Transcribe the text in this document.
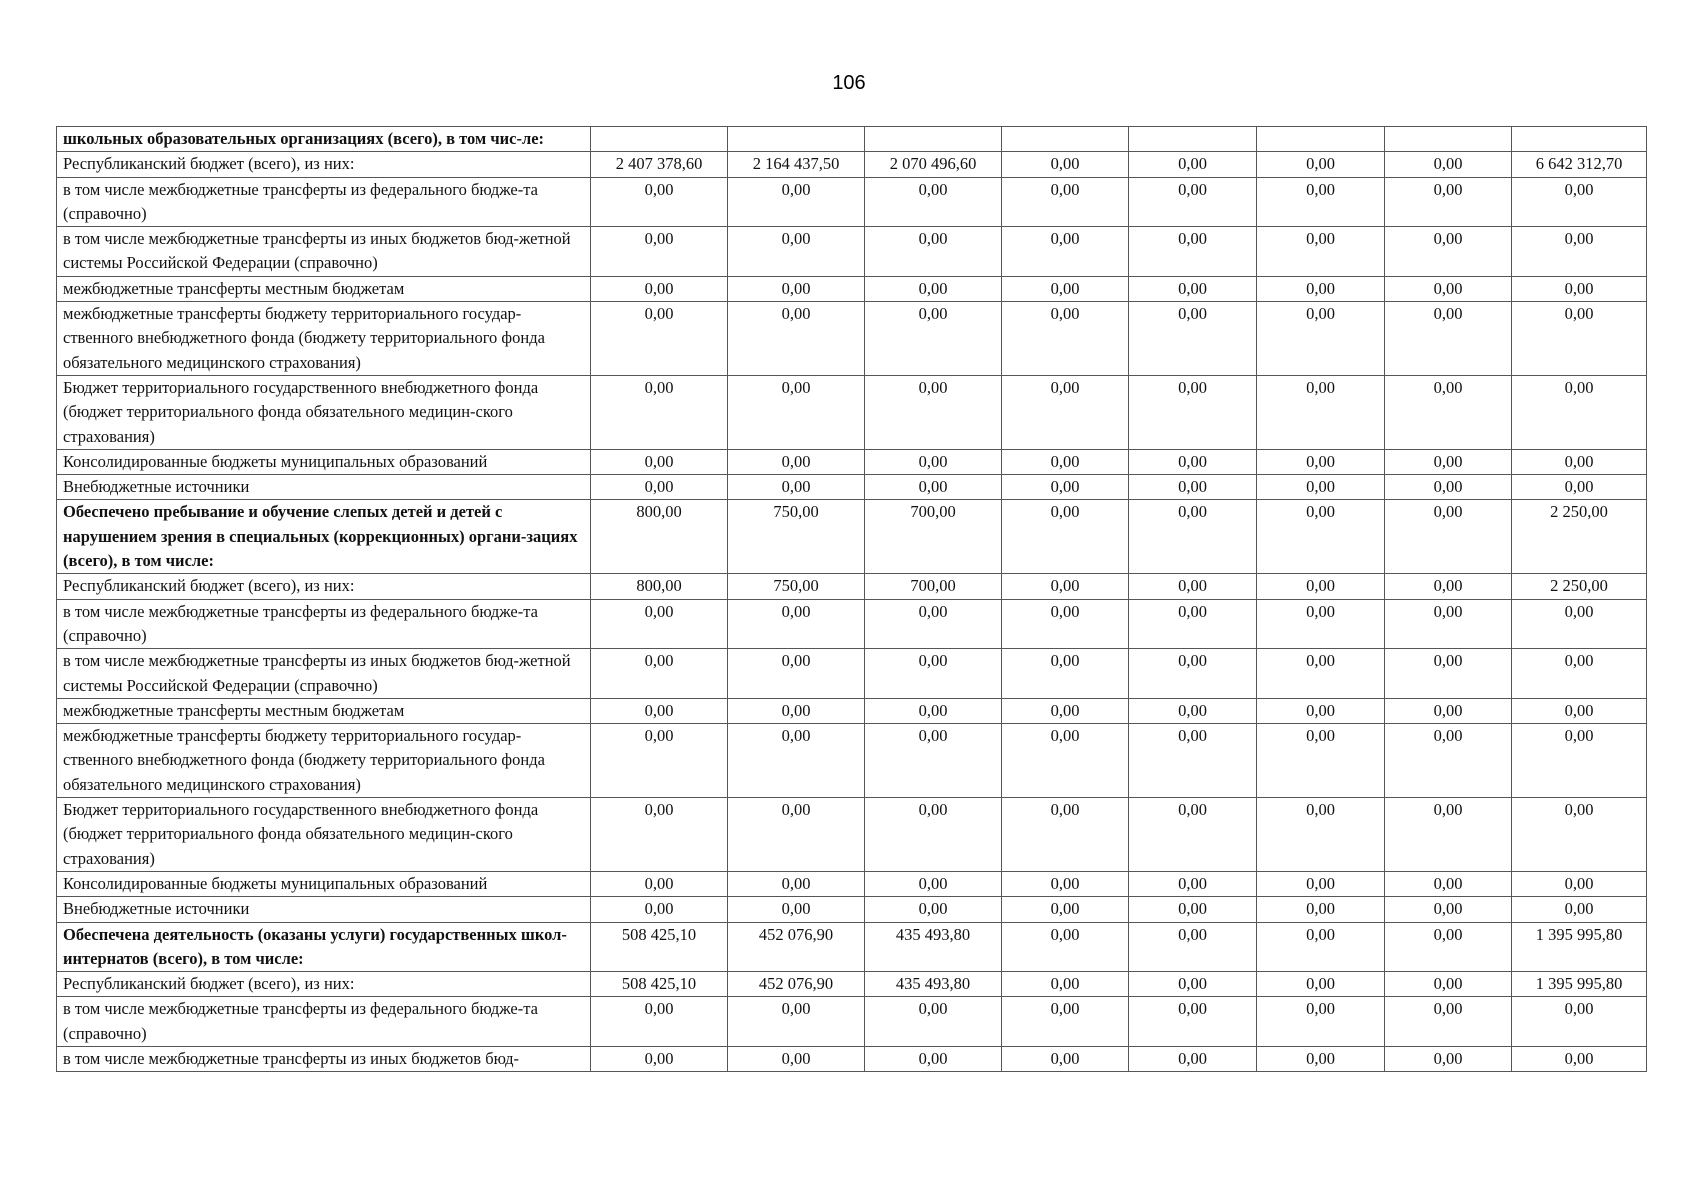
106
школьных образовательных организациях (всего), в том чис-ле:								
Республиканский бюджет (всего), из них:	2 407 378,60	2 164 437,50	2 070 496,60	0,00	0,00	0,00	0,00	6 642 312,70
в том числе межбюджетные трансферты из федерального бюдже-та (справочно)	0,00	0,00	0,00	0,00	0,00	0,00	0,00	0,00
в том числе межбюджетные трансферты из иных бюджетов бюд-жетной системы Российской Федерации (справочно)	0,00	0,00	0,00	0,00	0,00	0,00	0,00	0,00
межбюджетные трансферты местным бюджетам	0,00	0,00	0,00	0,00	0,00	0,00	0,00	0,00
межбюджетные трансферты бюджету территориального государ-ственного внебюджетного фонда (бюджету территориального фонда обязательного медицинского страхования)	0,00	0,00	0,00	0,00	0,00	0,00	0,00	0,00
Бюджет территориального государственного внебюджетного фонда (бюджет территориального фонда обязательного медицин-ского страхования)	0,00	0,00	0,00	0,00	0,00	0,00	0,00	0,00
Консолидированные бюджеты муниципальных образований	0,00	0,00	0,00	0,00	0,00	0,00	0,00	0,00
Внебюджетные источники	0,00	0,00	0,00	0,00	0,00	0,00	0,00	0,00
Обеспечено пребывание и обучение слепых детей и детей с нарушением зрения в специальных (коррекционных) органи-зациях (всего), в том числе:	800,00	750,00	700,00	0,00	0,00	0,00	0,00	2 250,00
Республиканский бюджет (всего), из них:	800,00	750,00	700,00	0,00	0,00	0,00	0,00	2 250,00
в том числе межбюджетные трансферты из федерального бюдже-та (справочно)	0,00	0,00	0,00	0,00	0,00	0,00	0,00	0,00
в том числе межбюджетные трансферты из иных бюджетов бюд-жетной системы Российской Федерации (справочно)	0,00	0,00	0,00	0,00	0,00	0,00	0,00	0,00
межбюджетные трансферты местным бюджетам	0,00	0,00	0,00	0,00	0,00	0,00	0,00	0,00
межбюджетные трансферты бюджету территориального государ-ственного внебюджетного фонда (бюджету территориального фонда обязательного медицинского страхования)	0,00	0,00	0,00	0,00	0,00	0,00	0,00	0,00
Бюджет территориального государственного внебюджетного фонда (бюджет территориального фонда обязательного медицин-ского страхования)	0,00	0,00	0,00	0,00	0,00	0,00	0,00	0,00
Консолидированные бюджеты муниципальных образований	0,00	0,00	0,00	0,00	0,00	0,00	0,00	0,00
Внебюджетные источники	0,00	0,00	0,00	0,00	0,00	0,00	0,00	0,00
Обеспечена деятельность (оказаны услуги) государственных школ-интернатов (всего), в том числе:	508 425,10	452 076,90	435 493,80	0,00	0,00	0,00	0,00	1 395 995,80
Республиканский бюджет (всего), из них:	508 425,10	452 076,90	435 493,80	0,00	0,00	0,00	0,00	1 395 995,80
в том числе межбюджетные трансферты из федерального бюдже-та (справочно)	0,00	0,00	0,00	0,00	0,00	0,00	0,00	0,00
в том числе межбюджетные трансферты из иных бюджетов бюд-	0,00	0,00	0,00	0,00	0,00	0,00	0,00	0,00
